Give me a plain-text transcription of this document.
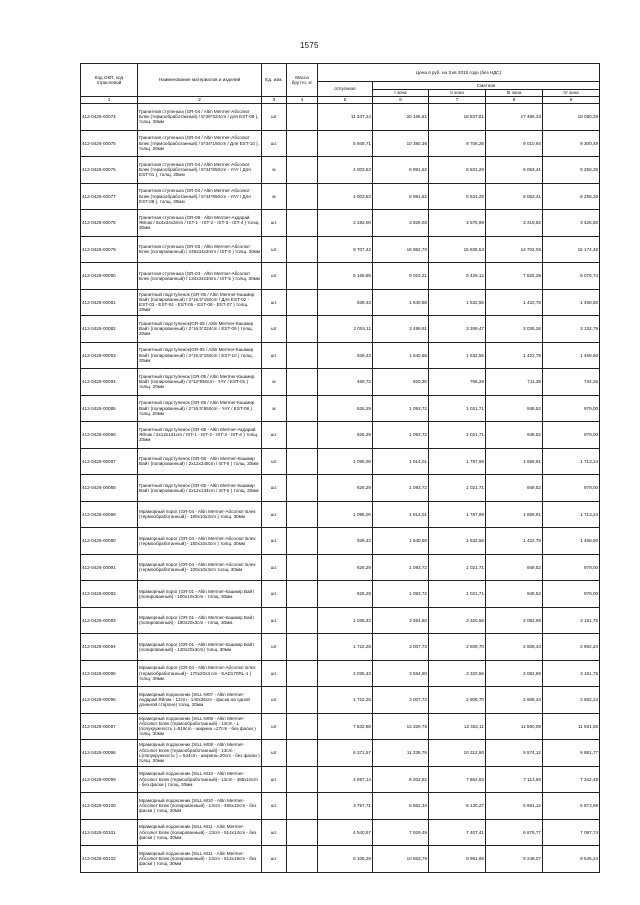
1575
Код ОКП, код отраслевой	Наименование материалов и изделий	Ед. изм.	Масса брутто, кг	Цена в руб. на 3 кв 2015 года (без НДС)				
				отпускная	Сметная			
					I зона	II зона	III зона	IV зона
1	2	3	4	5	6	7	8	9
412-0426-00074	Гранитная ступенька (GR-04 / Altin Mermer-Абсолют Блек (термообработанный) / 5*36*324cm / для EST-09 ), толщ. 30мм	шт		11 347,14	20 165,61	18 837,81	17 486,33	18 050,29
412-0426-00075	Гранитная ступенька (GR-04 / Altin Mermer-Абсолют Блек (термообработанный) / 5*34*150cm / Для EST-10 ), толщ. 30мм	шт.		5 949,71	10 390,36	9 706,26	9 010,94	9 300,49
412-0426-00076	Гранитная ступенька (GR-04 / Altin Mermer-Абсолют Блек (термообработанный) / 5*34*850cm - YAY / Для EST-01 ), толщ. 30мм	м		4 003,53	6 991,62	6 531,29	6 063,41	6 258,25
412-0426-00077	Гранитная ступенька (GR-04 / Altin Mermer-Абсолют Блек (термообработанный) / 5*34*850cm - YAY / Для EST-08 ), толщ. 30мм	м		4 003,53	6 991,62	6 531,29	6 063,41	6 258,25
412-0426-00078	Гранитная ступенька (GR-08 - Altin Mermer-Акдарай Яйлак / 5x4x34x3mm / IST-1 - IST-2 - IST-3 - IST-4 ) толщ. 30мм	шт.		2 192,00	3 828,03	3 575,99	3 319,82	3 426,50
412-0426-00079	Гранитная ступенька (GR-03 - Altin Mermer-Абсолют Блек (полированный) / 248x34x3mm / IST-5 ) толщ. 30мм	шт		9 707,42	16 952,70	15 836,53	14 702,06	15 174,48
412-0426-00080	Гранитная ступенька (GR-03 - Altin Mermer-Абсолют Блек (полированный) / 134x34x3mm / IST-5 ) толщ. 30мм	шт		5 166,86	9 023,21	8 429,12	7 825,29	8 076,74
412-0426-00081	Гранитный подступенок (GR-05 / Altin Mermer-Кашмир Вайт (полированный) / 2*16,5*150cm / Для EST-02 - EST-03 - EST-04 - EST-05 - EST-06 - EST-07 ) толщ. 20мм	шт.		939,43	1 640,58	1 532,56	1 422,78	1 468,50
412-0426-00082	Гранитный подступенок(GR-05 / Altin Mermer-Кашмир Вайт (полированный) / 2*16,5*324cm / EST-09 ) толщ. 20мм	шт		2 004,11	3 499,91	3 269,47	3 035,26	3 132,79
412-0426-00083	Гранитный подступенок(GR-05 / Altin Mermer-Кашмир Вайт (полированный) / 2*16,5*150cm / EST-10 ) толщ. 20мм	шт.		939,43	1 640,58	1 532,56	1 422,78	1 468,50
412-0426-00084	Гранитный подступенок (GR-05 / Altin Mermer-Кашмир Вайт (полированный) / 2*12*850cm - YAY / EST-01 ) толщ. 20мм	м		469,72	820,30	766,29	711,39	734,25
412-0426-00085	Гранитный подступенок (GR-05 / Altin Mermer-Кашмир Вайт (полированный) / 2*16,5*850cm - YAY / EST-08 ) толщ. 20мм	м		626,29	1 093,72	1 021,71	948,52	979,00
412-0426-00086	Гранитный подступенок (GR-08 - Altin Mermer-Акдарай Яйлак / 2x12x141cm / IST-1 - IST-2 - IST-3 - IST-4 ) толщ. 20мм	шт.		626,29	1 093,72	1 021,71	948,52	979,00
412-0426-00087	Гранитный подступенок (GR-05 - Altin Mermer-Кашмир Вайт (полированный) / 2x12x248cm / IST-5 ) толщ. 20мм	шт		1 096,00	1 914,01	1 787,99	1 659,91	1 713,24
412-0426-00088	Гранитный подступенок (GR-05 - Altin Mermer-Кашмир Вайт (полированный) / 2x12x134cm / IST-5 ) толщ. 20мм	шт.		626,29	1 093,72	1 021,71	948,52	979,00
412-0426-00089	Мраморный порог (GR-04 - Altin Mermer-Абсолют Блек (термообработанный) - 180x10x3cm ) толщ. 30мм	шт.		1 096,00	1 914,01	1 787,99	1 659,91	1 713,24
412-0426-00090	Мраморный порог (GR-04 - Altin Mermer-Абсолют Блек (термообработанный) - 150x10x3cm ) толщ. 30мм	шт.		939,43	1 640,58	1 532,56	1 422,78	1 468,50
412-0426-00091	Мраморный порог (GR-04 - Altin Mermer-Абсолют Блек (термообработанный) - 100x10x3cm толщ. 30мм	шт.		626,29	1 093,72	1 021,71	948,52	979,00
412-0426-00092	Мраморный порог (GR-01 - Altin Mermer-Кашмир Вайт (полированный) - 100x10x3cm - толщ. 30мм	шт.		626,29	1 093,72	1 021,71	948,52	979,00
412-0426-00093	Мраморный порог (GR-01 - Altin Mermer-Кашмир Вайт (полированный) - 180x20x3cm - толщ. 30мм	шт.		2 035,43	3 554,60	3 320,56	3 082,69	3 181,75
412-0426-00094	Мраморный порог (GR-01 - Altin Mermer-Кашмир Вайт (полированный) - 130x20x3cm) толщ. 30мм	шт		1 722,28	3 007,73	2 809,70	2 608,43	2 692,24
412-0426-00095	Мраморный порог (GR-04 - Altin Mermer-Абсолют Блек (термообработанный) - 170x20x3 cm - EAD170RL-1 ) толщ. 30мм	шт.		2 035,43	3 554,60	3 320,56	3 082,69	3 181,75
412-0426-00096	Мраморный подоконник (SILL-M07 - Altin Mermer-Акдарай Яйлак - 12cm - 140x36cm - фаска на одной длинной стороне) толщ. 20мм	шт		1 722,28	3 007,73	2 809,70	2 608,43	2 692,24
412-0426-00097	Мраморный подоконник (SILL-M08 - Altin Mermer-Абсолют Блек (термообработанный) - 13cm - L (полукружность )=519cm - ширина =27cm - без фаски ) толщ. 30мм	шт		7 632,86	13 329,75	12 452,11	11 560,09	11 931,55
412-0426-00098	Мраморный подоконник (SILL-M08 - Altin Mermer-Абсолют Блек (термообработанный) - 13cm - L(полукружность ) = 544cm - ширина=20cm - без фаски ) толщ. 30мм	шт		6 371,57	11 339,76	10 312,90	9 574,12	9 881,77
412-0426-00099	Мраморный подоконник (SILL-M10 - Altin Mermer-Абсолют Блек (термообработанный) - 13cm - 495x15cm - без фаски ) толщ. 30мм	шт.		4 697,14	8 202,92	7 662,83	7 113,90	7 342,49
412-0426-00100	Мраморный подоконник (SILL-M10 - Altin Mermer-Абсолют Блек (полированный) - 13cm - 495x12cm - без фаски ) толщ. 30мм	шт.		3 757,71	6 562,34	6 130,27	5 691,12	5 873,99
412-0426-00101	Мраморный подоконник (SILL-M11 - Altin Mermer-Абсолют Блек (полированный) - 13cm - 514x14cm - без фаски ) толщ. 30мм	шт.		4 540,57	7 929,49	7 407,41	6 876,77	7 097,74
412-0426-00102	Мраморный подоконник (SILL-M11 - Altin Mermer-Абсолют Блек (полированный) - 13cm - 514x19cm - без фаски ) толщ. 30мм	шт.		6 106,28	10 663,79	9 961,69	9 248,07	9 545,24
